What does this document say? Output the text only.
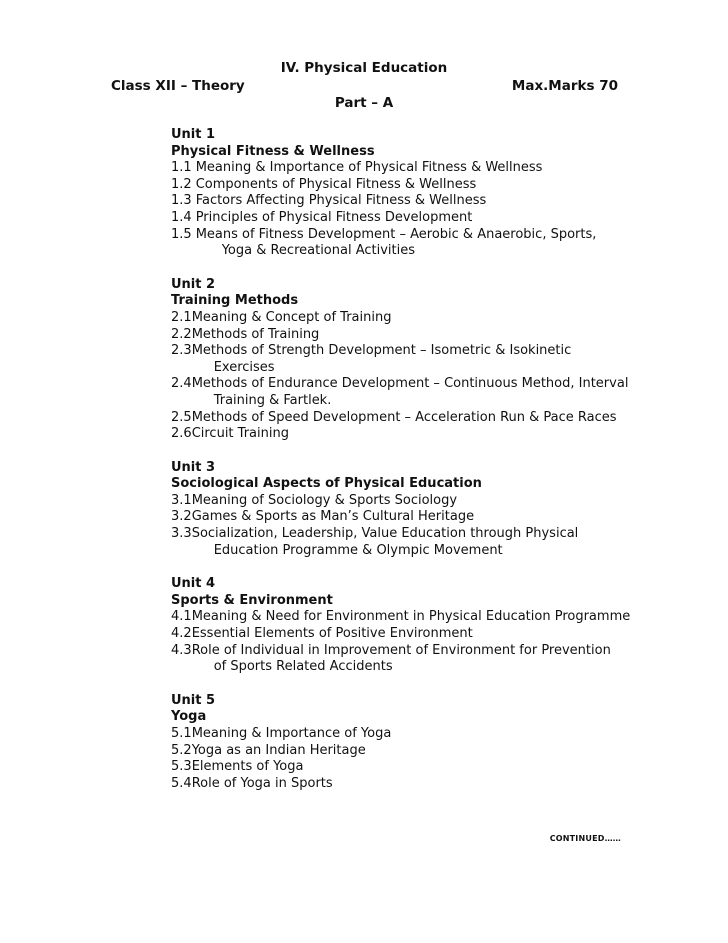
IV. Physical Education
Class XII – Theory	Max.Marks 70
Part – A
Unit 1
Physical Fitness & Wellness
1.1 Meaning & Importance of Physical Fitness & Wellness
1.2 Components of Physical Fitness & Wellness
1.3 Factors Affecting Physical Fitness & Wellness
1.4 Principles of Physical Fitness Development
1.5 Means of Fitness Development – Aerobic & Anaerobic, Sports,
Yoga & Recreational Activities
Unit 2
Training Methods
2.1 Meaning & Concept of Training
2.2 Methods of Training
2.3 Methods of Strength Development – Isometric & Isokinetic
Exercises
2.4 Methods of Endurance Development – Continuous Method, Interval
Training & Fartlek.
2.5 Methods of Speed Development – Acceleration Run & Pace Races
2.6 Circuit Training
Unit 3
Sociological Aspects of Physical Education
3.1 Meaning of Sociology & Sports Sociology
3.2 Games & Sports as Man’s Cultural Heritage
3.3 Socialization, Leadership, Value Education through Physical
Education Programme & Olympic Movement
Unit 4
Sports & Environment
4.1 Meaning & Need for Environment in Physical Education Programme
4.2 Essential Elements of Positive Environment
4.3 Role of Individual in Improvement of Environment for Prevention
of Sports Related Accidents
Unit 5
Yoga
5.1 Meaning & Importance of Yoga
5.2 Yoga as an Indian Heritage
5.3 Elements of Yoga
5.4 Role of Yoga in Sports
CONTINUED……
